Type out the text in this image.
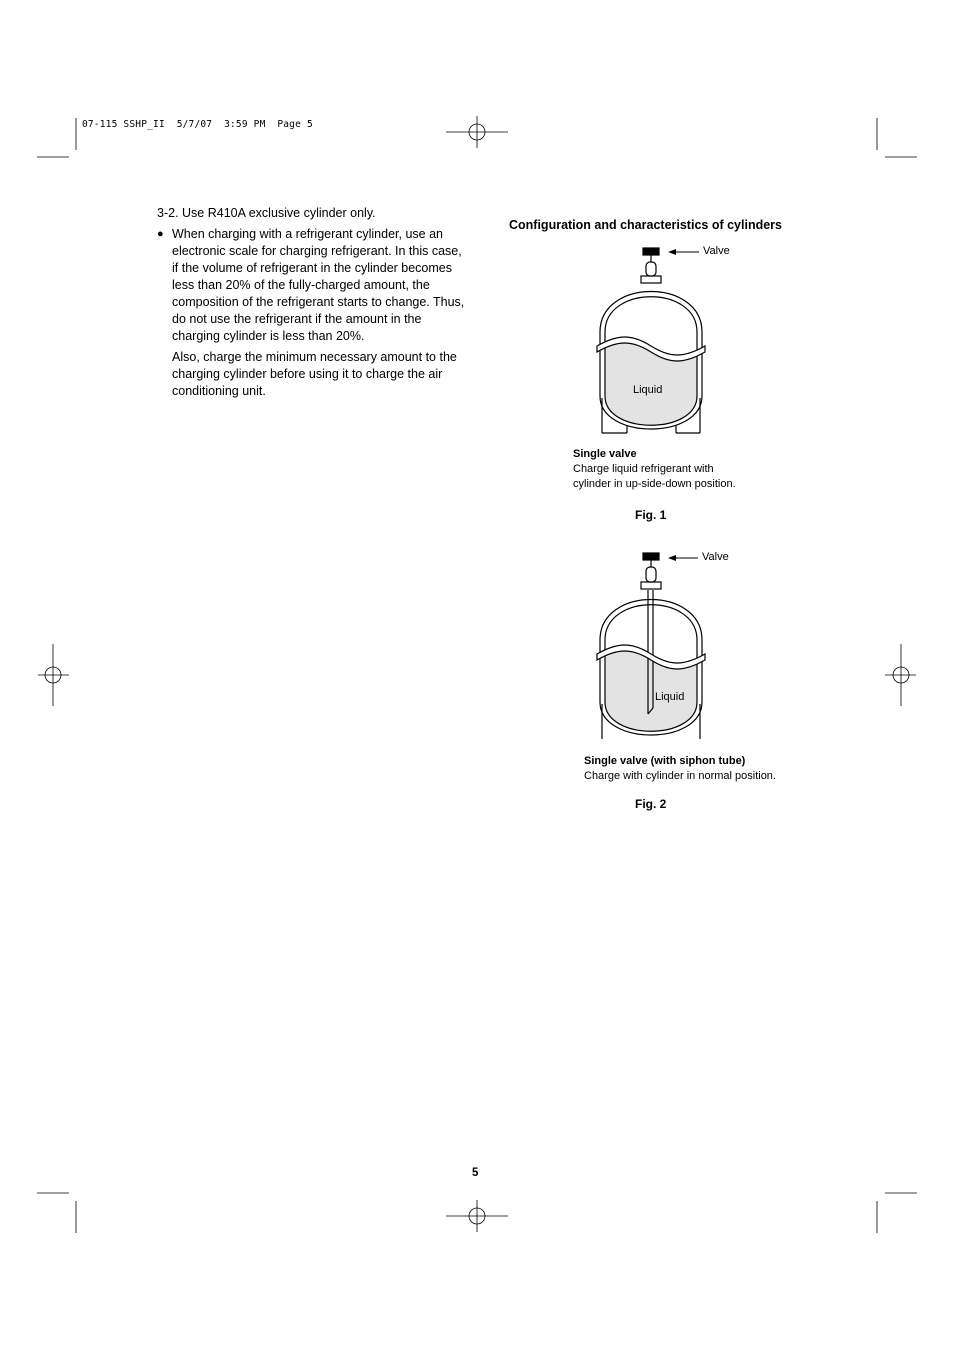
07-115 SSHP_II  5/7/07  3:59 PM  Page 5

3-2. Use R410A exclusive cylinder only.

● When charging with a refrigerant cylinder, use an electronic scale for charging refrigerant. In this case, if the volume of refrigerant in the cylinder becomes less than 20% of the fully-charged amount, the composition of the refrigerant starts to change. Thus, do not use the refrigerant if the amount in the charging cylinder is less than 20%.

Also, charge the minimum necessary amount to the charging cylinder before using it to charge the air conditioning unit.

Configuration and characteristics of cylinders

Valve
Liquid
Single valve
Charge liquid refrigerant with
cylinder in up-side-down position.
Fig. 1
Valve
Liquid
Single valve (with siphon tube)
Charge with cylinder in normal position.
Fig. 2
5
